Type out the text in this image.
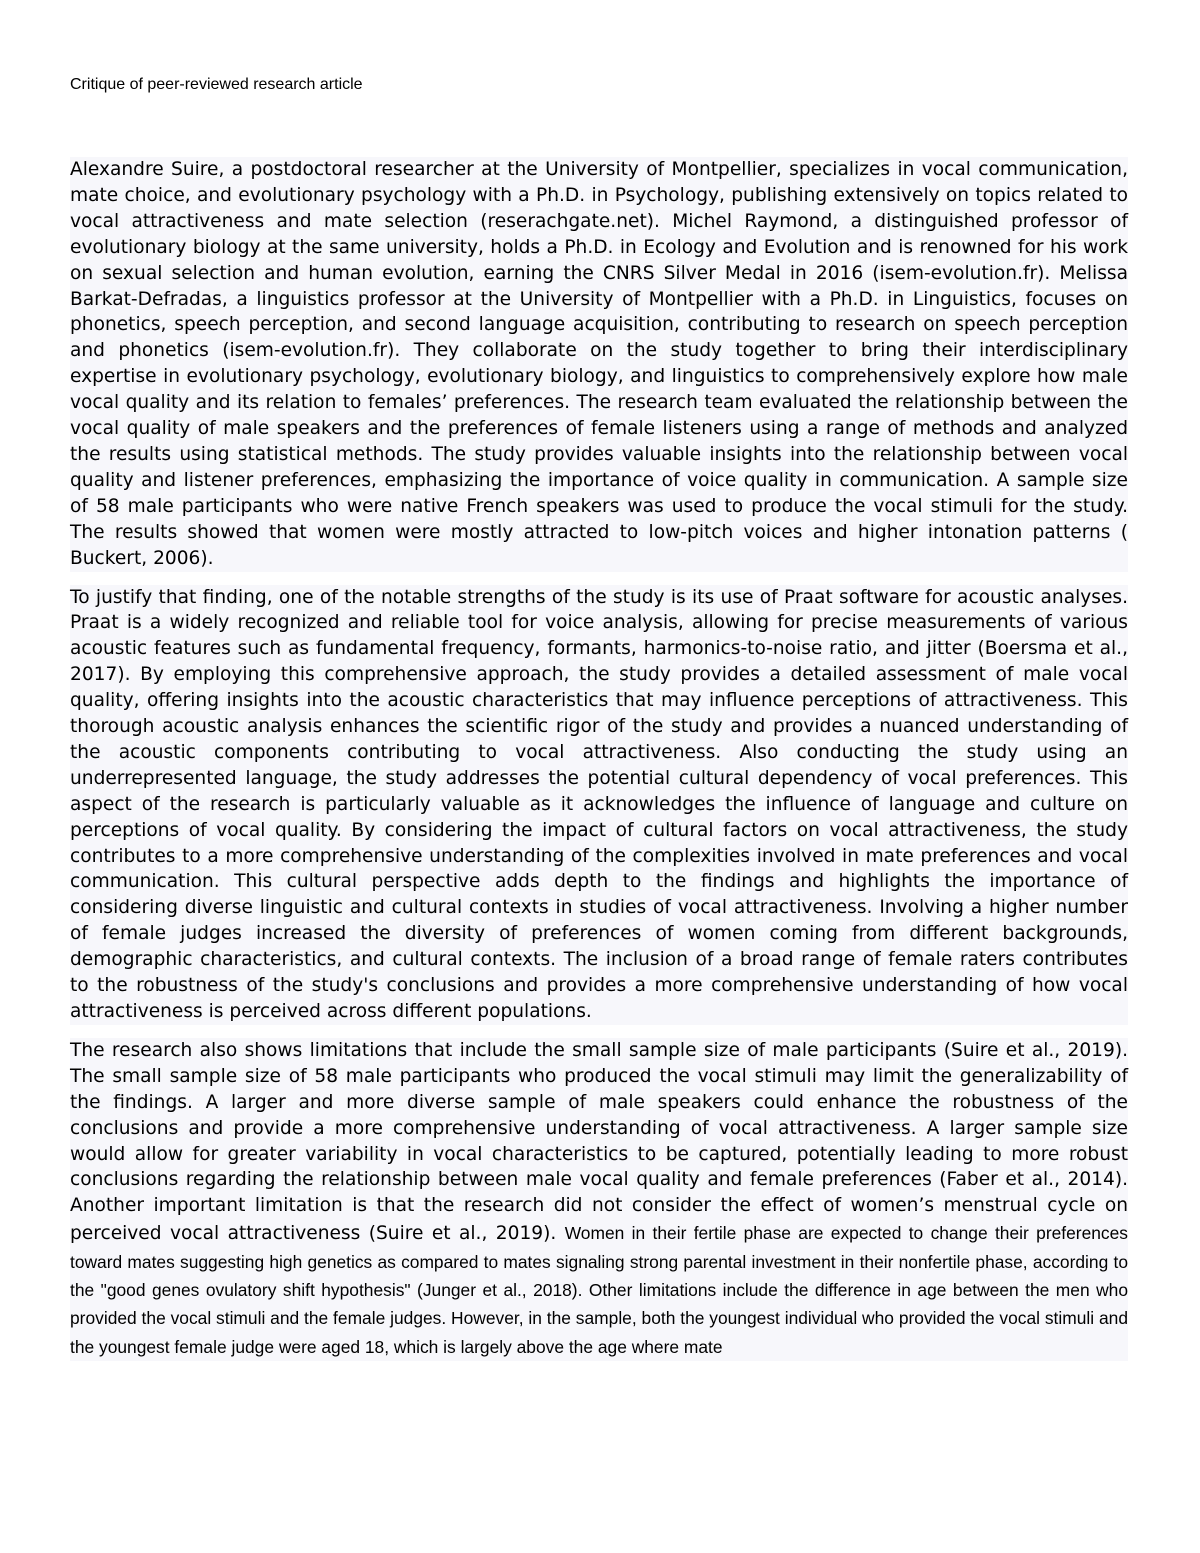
Critique of peer-reviewed research article

Alexandre Suire, a postdoctoral researcher at the University of Montpellier, specializes in vocal communication, mate choice, and evolutionary psychology with a Ph.D. in Psychology, publishing extensively on topics related to vocal attractiveness and mate selection (reserachgate.net). Michel Raymond, a distinguished professor of evolutionary biology at the same university, holds a Ph.D. in Ecology and Evolution and is renowned for his work on sexual selection and human evolution, earning the CNRS Silver Medal in 2016 (isem-evolution.fr). Melissa Barkat-Defradas, a linguistics professor at the University of Montpellier with a Ph.D. in Linguistics, focuses on phonetics, speech perception, and second language acquisition, contributing to research on speech perception and phonetics (isem-evolution.fr). They collaborate on the study together to bring their interdisciplinary expertise in evolutionary psychology, evolutionary biology, and linguistics to comprehensively explore how male vocal quality and its relation to females’ preferences. The research team evaluated the relationship between the vocal quality of male speakers and the preferences of female listeners using a range of methods and analyzed the results using statistical methods. The study provides valuable insights into the relationship between vocal quality and listener preferences, emphasizing the importance of voice quality in communication. A sample size of 58 male participants who were native French speakers was used to produce the vocal stimuli for the study. The results showed that women were mostly attracted to low-pitch voices and higher intonation patterns ( Buckert, 2006).

To justify that finding, one of the notable strengths of the study is its use of Praat software for acoustic analyses. Praat is a widely recognized and reliable tool for voice analysis, allowing for precise measurements of various acoustic features such as fundamental frequency, formants, harmonics-to-noise ratio, and jitter (Boersma et al., 2017). By employing this comprehensive approach, the study provides a detailed assessment of male vocal quality, offering insights into the acoustic characteristics that may influence perceptions of attractiveness. This thorough acoustic analysis enhances the scientific rigor of the study and provides a nuanced understanding of the acoustic components contributing to vocal attractiveness. Also conducting the study using an underrepresented language, the study addresses the potential cultural dependency of vocal preferences. This aspect of the research is particularly valuable as it acknowledges the influence of language and culture on perceptions of vocal quality. By considering the impact of cultural factors on vocal attractiveness, the study contributes to a more comprehensive understanding of the complexities involved in mate preferences and vocal communication. This cultural perspective adds depth to the findings and highlights the importance of considering diverse linguistic and cultural contexts in studies of vocal attractiveness. Involving a higher number of female judges increased the diversity of preferences of women coming from different backgrounds, demographic characteristics, and cultural contexts. The inclusion of a broad range of female raters contributes to the robustness of the study's conclusions and provides a more comprehensive understanding of how vocal attractiveness is perceived across different populations.

The research also shows limitations that include the small sample size of male participants (Suire et al., 2019). The small sample size of 58 male participants who produced the vocal stimuli may limit the generalizability of the findings. A larger and more diverse sample of male speakers could enhance the robustness of the conclusions and provide a more comprehensive understanding of vocal attractiveness. A larger sample size would allow for greater variability in vocal characteristics to be captured, potentially leading to more robust conclusions regarding the relationship between male vocal quality and female preferences (Faber et al., 2014). Another important limitation is that the research did not consider the effect of women’s menstrual cycle on perceived vocal attractiveness (Suire et al., 2019). Women in their fertile phase are expected to change their preferences toward mates suggesting high genetics as compared to mates signaling strong parental investment in their nonfertile phase, according to the "good genes ovulatory shift hypothesis" (Junger et al., 2018). Other limitations include the difference in age between the men who provided the vocal stimuli and the female judges. However, in the sample, both the youngest individual who provided the vocal stimuli and the youngest female judge were aged 18, which is largely above the age where mate
